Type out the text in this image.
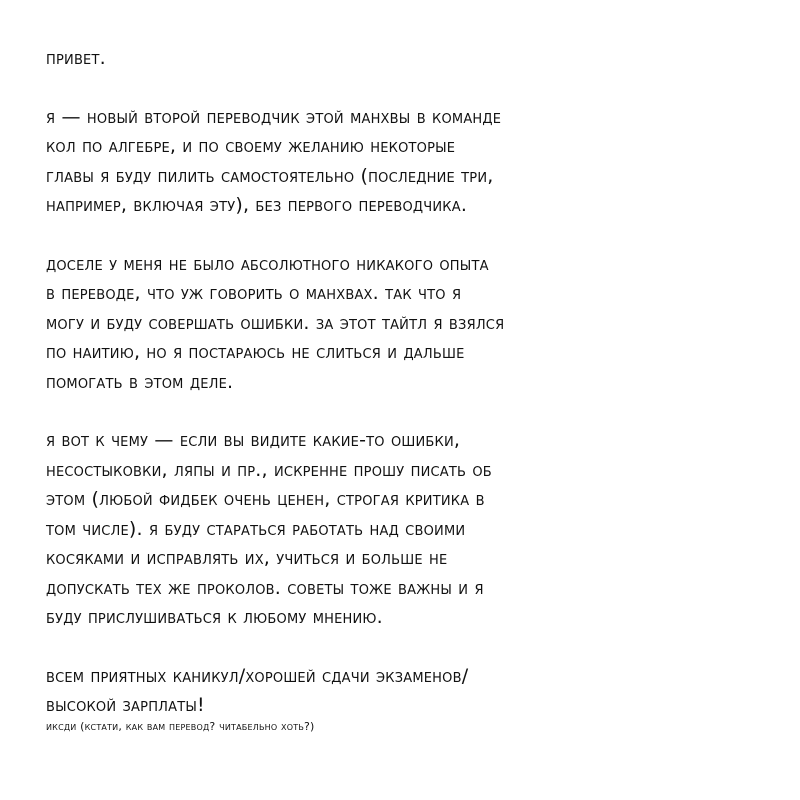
привет.
я — новый второй переводчик этой манхвы в команде
кол по алгебре, и по своему желанию некоторые
главы я буду пилить самостоятельно (последние три,
например, включая эту), без первого переводчика.
доселе у меня не было абсолютного никакого опыта
в переводе, что уж говорить о манхвах. так что я
могу и буду совершать ошибки. за этот тайтл я взялся
по наитию, но я постараюсь не слиться и дальше
помогать в этом деле.
я вот к чему — если вы видите какие-то ошибки,
несостыковки, ляпы и пр., искренне прошу писать об
этом (любой фидбек очень ценен, строгая критика в
том числе). я буду стараться работать над своими
косяками и исправлять их, учиться и больше не
допускать тех же проколов. советы тоже важны и я
буду прислушиваться к любому мнению.
всем приятных каникул/хорошей сдачи экзаменов/
высокой зарплаты!
иксди (кстати, как вам перевод? читабельно хоть?)
